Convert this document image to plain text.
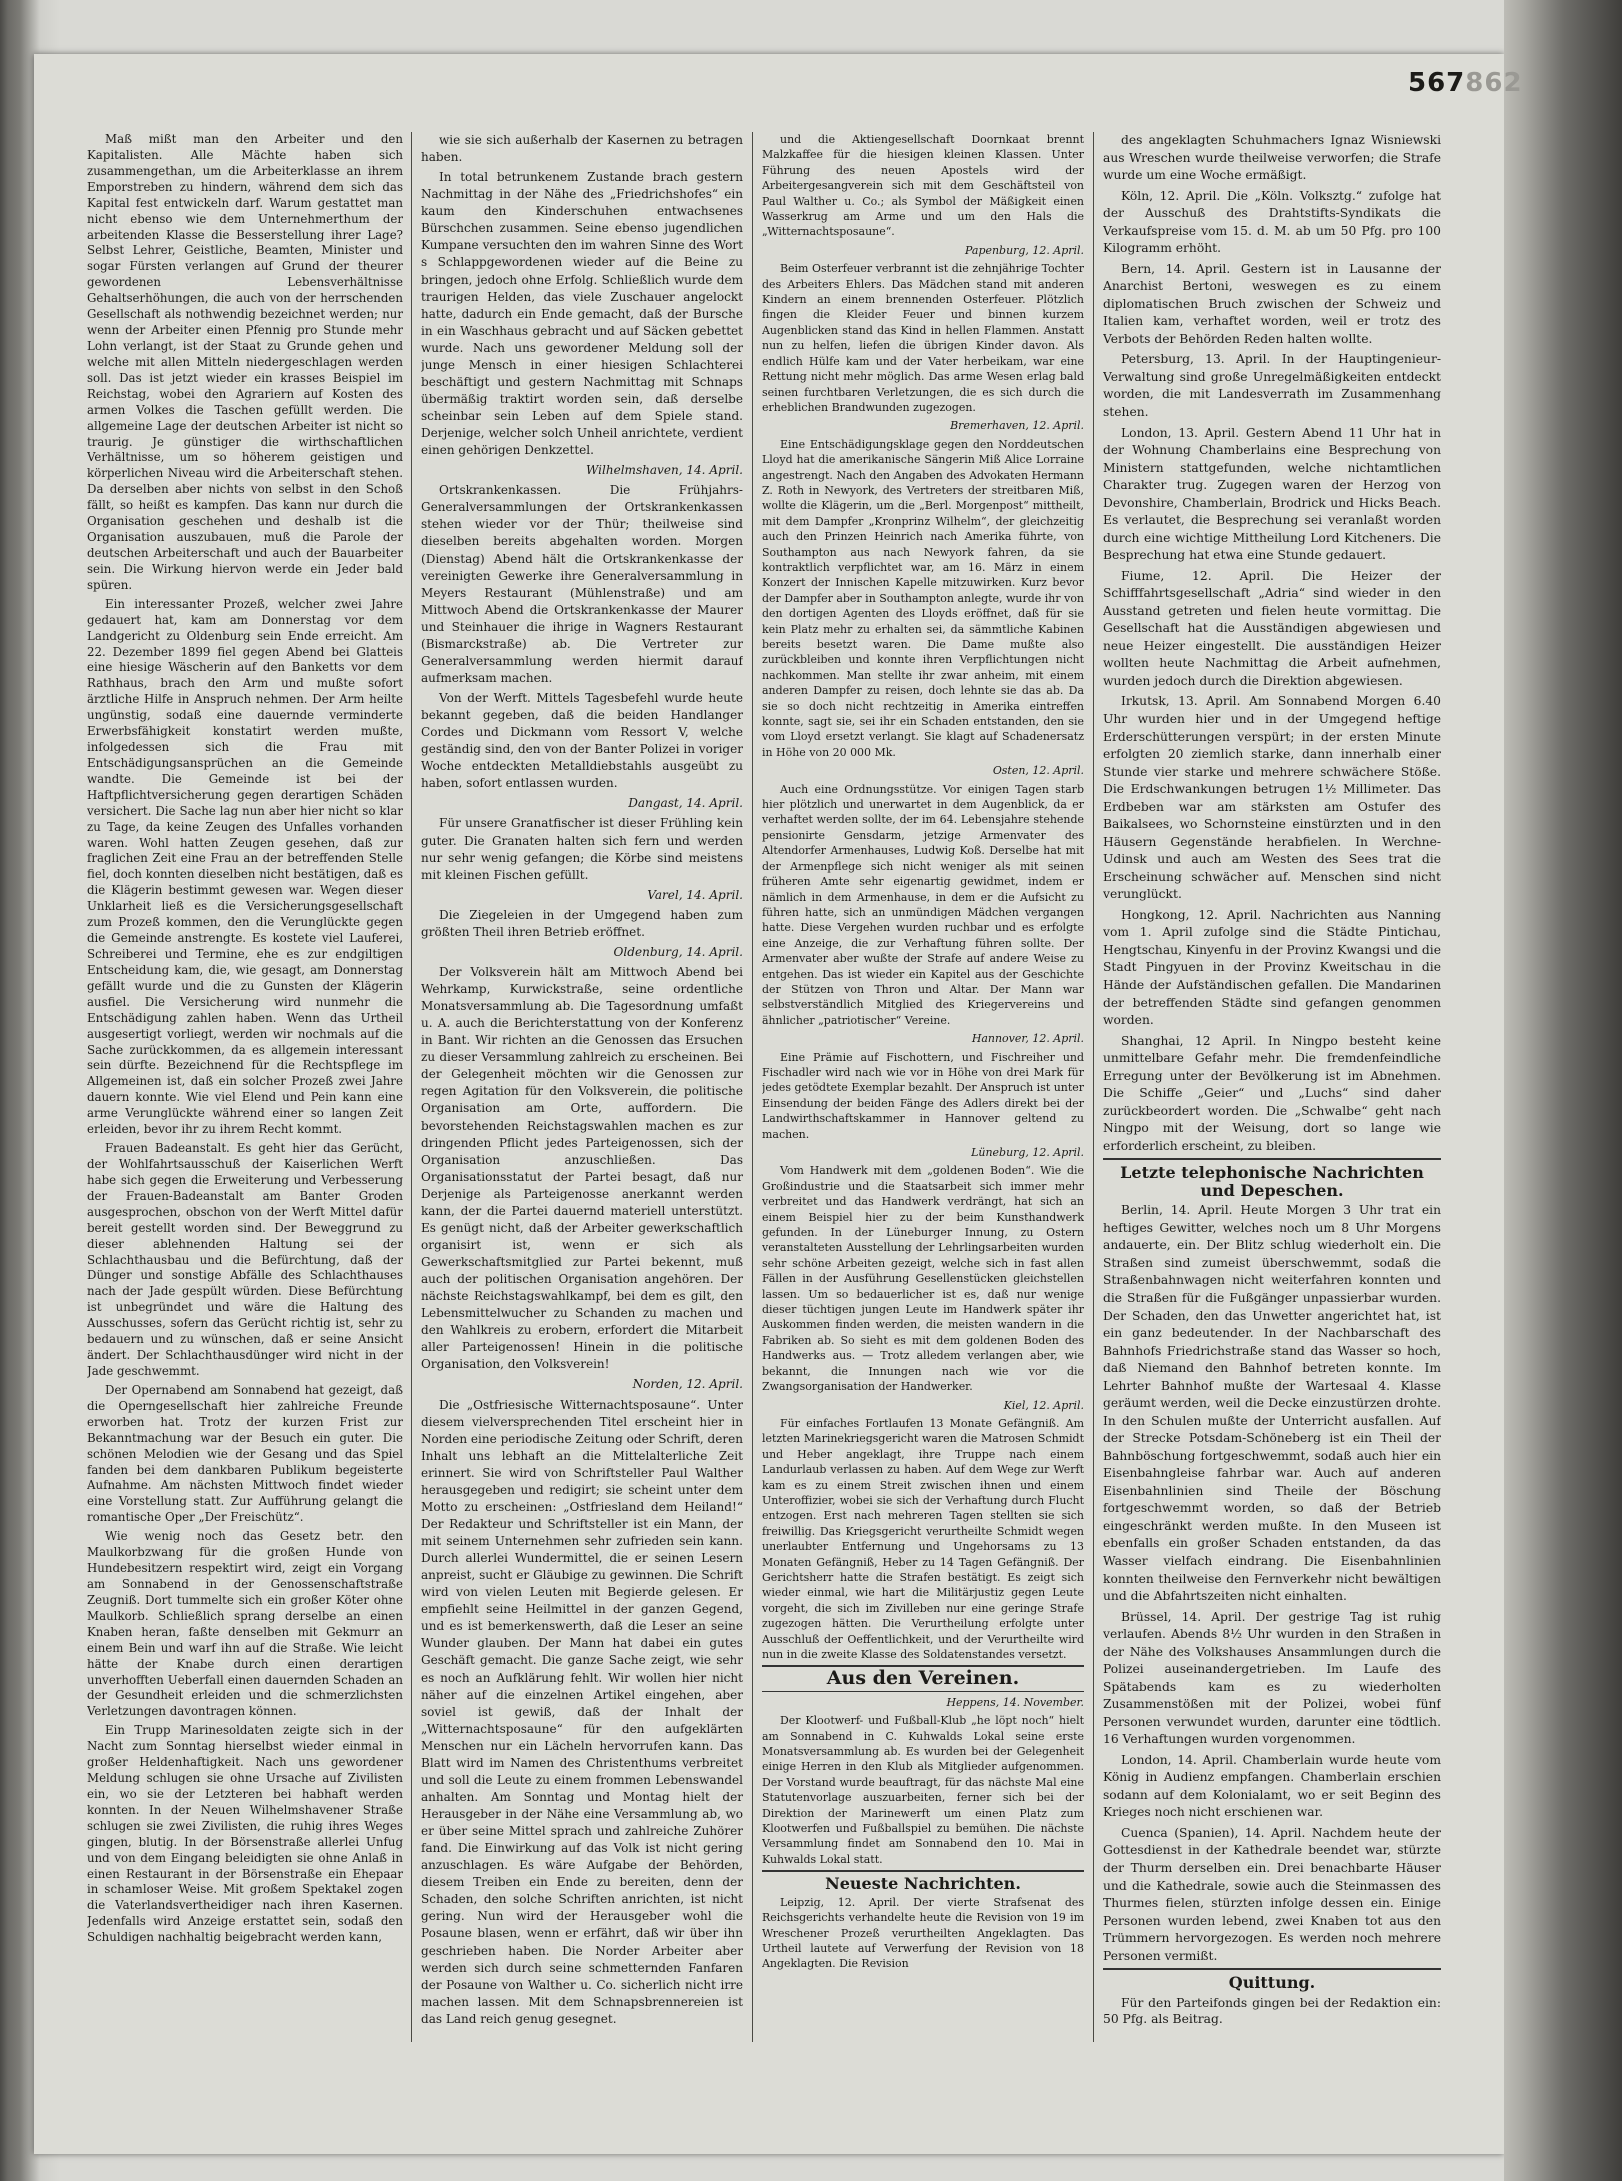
567862

Maß mißt man den Arbeiter und den Kapitalisten. Alle Mächte haben sich zusammengethan, um die Arbeiterklasse an ihrem Emporstreben zu hindern, während dem sich das Kapital fest entwickeln darf. Warum gestattet man nicht ebenso wie dem Unternehmerthum der arbeitenden Klasse die Besserstellung ihrer Lage? Selbst Lehrer, Geistliche, Beamten, Minister und sogar Fürsten verlangen auf Grund der theurer gewordenen Lebensverhältnisse Gehaltserhöhungen, die auch von der herrschenden Gesellschaft als nothwendig bezeichnet werden; nur wenn der Arbeiter einen Pfennig pro Stunde mehr Lohn verlangt, ist der Staat zu Grunde gehen und welche mit allen Mitteln niedergeschlagen werden soll. Das ist jetzt wieder ein krasses Beispiel im Reichstag, wobei den Agrariern auf Kosten des armen Volkes die Taschen gefüllt werden. Die allgemeine Lage der deutschen Arbeiter ist nicht so traurig. Je günstiger die wirthschaftlichen Verhältnisse, um so höherem geistigen und körperlichen Niveau wird die Arbeiterschaft stehen. Da derselben aber nichts von selbst in den Schoß fällt, so heißt es kampfen. Das kann nur durch die Organisation geschehen und deshalb ist die Organisation auszubauen, muß die Parole der deutschen Arbeiterschaft und auch der Bauarbeiter sein. Die Wirkung hiervon werde ein Jeder bald spüren.

Ein interessanter Prozeß, welcher zwei Jahre gedauert hat, kam am Donnerstag vor dem Landgericht zu Oldenburg sein Ende erreicht. Am 22. Dezember 1899 fiel gegen Abend bei Glatteis eine hiesige Wäscherin auf den Banketts vor dem Rathhaus, brach den Arm und mußte sofort ärztliche Hilfe in Anspruch nehmen. Der Arm heilte ungünstig, sodaß eine dauernde verminderte Erwerbsfähigkeit konstatirt werden mußte, infolgedessen sich die Frau mit Entschädigungsansprüchen an die Gemeinde wandte. Die Gemeinde ist bei der Haftpflichtversicherung gegen derartigen Schäden versichert. Die Sache lag nun aber hier nicht so klar zu Tage, da keine Zeugen des Unfalles vorhanden waren. Wohl hatten Zeugen gesehen, daß zur fraglichen Zeit eine Frau an der betreffenden Stelle fiel, doch konnten dieselben nicht bestätigen, daß es die Klägerin bestimmt gewesen war. Wegen dieser Unklarheit ließ es die Versicherungsgesellschaft zum Prozeß kommen, den die Verunglückte gegen die Gemeinde anstrengte. Es kostete viel Lauferei, Schreiberei und Termine, ehe es zur endgiltigen Entscheidung kam, die, wie gesagt, am Donnerstag gefällt wurde und die zu Gunsten der Klägerin ausfiel. Die Versicherung wird nunmehr die Entschädigung zahlen haben. Wenn das Urtheil ausgesertigt vorliegt, werden wir nochmals auf die Sache zurückkommen, da es allgemein interessant sein dürfte. Bezeichnend für die Rechtspflege im Allgemeinen ist, daß ein solcher Prozeß zwei Jahre dauern konnte. Wie viel Elend und Pein kann eine arme Verunglückte während einer so langen Zeit erleiden, bevor ihr zu ihrem Recht kommt.

Frauen Badeanstalt. Es geht hier das Gerücht, der Wohlfahrtsausschuß der Kaiserlichen Werft habe sich gegen die Erweiterung und Verbesserung der Frauen-Badeanstalt am Banter Groden ausgesprochen, obschon von der Werft Mittel dafür bereit gestellt worden sind. Der Beweggrund zu dieser ablehnenden Haltung sei der Schlachthausbau und die Befürchtung, daß der Dünger und sonstige Abfälle des Schlachthauses nach der Jade gespült würden. Diese Befürchtung ist unbegründet und wäre die Haltung des Ausschusses, sofern das Gerücht richtig ist, sehr zu bedauern und zu wünschen, daß er seine Ansicht ändert. Der Schlachthausdünger wird nicht in der Jade geschwemmt.

Der Opernabend am Sonnabend hat gezeigt, daß die Operngesellschaft hier zahlreiche Freunde erworben hat. Trotz der kurzen Frist zur Bekanntmachung war der Besuch ein guter. Die schönen Melodien wie der Gesang und das Spiel fanden bei dem dankbaren Publikum begeisterte Aufnahme. Am nächsten Mittwoch findet wieder eine Vorstellung statt. Zur Aufführung gelangt die romantische Oper „Der Freischütz“.

Wie wenig noch das Gesetz betr. den Maulkorbzwang für die großen Hunde von Hundebesitzern respektirt wird, zeigt ein Vorgang am Sonnabend in der Genossenschaftstraße Zeugniß. Dort tummelte sich ein großer Köter ohne Maulkorb. Schließlich sprang derselbe an einen Knaben heran, faßte denselben mit Gekmurr an einem Bein und warf ihn auf die Straße. Wie leicht hätte der Knabe durch einen derartigen unverhofften Ueberfall einen dauernden Schaden an der Gesundheit erleiden und die schmerzlichsten Verletzungen davontragen können.

Ein Trupp Marinesoldaten zeigte sich in der Nacht zum Sonntag hierselbst wieder einmal in großer Heldenhaftigkeit. Nach uns gewordener Meldung schlugen sie ohne Ursache auf Zivilisten ein, wo sie der Letzteren bei habhaft werden konnten. In der Neuen Wilhelmshavener Straße schlugen sie zwei Zivilisten, die ruhig ihres Weges gingen, blutig. In der Börsenstraße allerlei Unfug und von dem Eingang beleidigten sie ohne Anlaß in einen Restaurant in der Börsenstraße ein Ehepaar in schamloser Weise. Mit großem Spektakel zogen die Vaterlandsvertheidiger nach ihren Kasernen. Jedenfalls wird Anzeige erstattet sein, sodaß den Schuldigen nachhaltig beigebracht werden kann,

wie sie sich außerhalb der Kasernen zu betragen haben.

In total betrunkenem Zustande brach gestern Nachmittag in der Nähe des „Friedrichshofes“ ein kaum den Kinderschuhen entwachsenes Bürschchen zusammen. Seine ebenso jugendlichen Kumpane versuchten den im wahren Sinne des Wort s Schlappgewordenen wieder auf die Beine zu bringen, jedoch ohne Erfolg. Schließlich wurde dem traurigen Helden, das viele Zuschauer angelockt hatte, dadurch ein Ende gemacht, daß der Bursche in ein Waschhaus gebracht und auf Säcken gebettet wurde. Nach uns gewordener Meldung soll der junge Mensch in einer hiesigen Schlachterei beschäftigt und gestern Nachmittag mit Schnaps übermäßig traktirt worden sein, daß derselbe scheinbar sein Leben auf dem Spiele stand. Derjenige, welcher solch Unheil anrichtete, verdient einen gehörigen Denkzettel.

Wilhelmshaven, 14. April.

Ortskrankenkassen. Die Frühjahrs-Generalversammlungen der Ortskrankenkassen stehen wieder vor der Thür; theilweise sind dieselben bereits abgehalten worden. Morgen (Dienstag) Abend hält die Ortskrankenkasse der vereinigten Gewerke ihre Generalversammlung in Meyers Restaurant (Mühlenstraße) und am Mittwoch Abend die Ortskrankenkasse der Maurer und Steinhauer die ihrige in Wagners Restaurant (Bismarckstraße) ab. Die Vertreter zur Generalversammlung werden hiermit darauf aufmerksam machen.

Von der Werft. Mittels Tagesbefehl wurde heute bekannt gegeben, daß die beiden Handlanger Cordes und Dickmann vom Ressort V, welche geständig sind, den von der Banter Polizei in voriger Woche entdeckten Metalldiebstahls ausgeübt zu haben, sofort entlassen wurden.

Dangast, 14. April.

Für unsere Granatfischer ist dieser Frühling kein guter. Die Granaten halten sich fern und werden nur sehr wenig gefangen; die Körbe sind meistens mit kleinen Fischen gefüllt.

Varel, 14. April.

Die Ziegeleien in der Umgegend haben zum größten Theil ihren Betrieb eröffnet.

Oldenburg, 14. April.

Der Volksverein hält am Mittwoch Abend bei Wehrkamp, Kurwickstraße, seine ordentliche Monatsversammlung ab. Die Tagesordnung umfaßt u. A. auch die Berichterstattung von der Konferenz in Bant. Wir richten an die Genossen das Ersuchen zu dieser Versammlung zahlreich zu erscheinen. Bei der Gelegenheit möchten wir die Genossen zur regen Agitation für den Volksverein, die politische Organisation am Orte, auffordern. Die bevorstehenden Reichstagswahlen machen es zur dringenden Pflicht jedes Parteigenossen, sich der Organisation anzuschließen. Das Organisationsstatut der Partei besagt, daß nur Derjenige als Parteigenosse anerkannt werden kann, der die Partei dauernd materiell unterstützt. Es genügt nicht, daß der Arbeiter gewerkschaftlich organisirt ist, wenn er sich als Gewerkschaftsmitglied zur Partei bekennt, muß auch der politischen Organisation angehören. Der nächste Reichstagswahlkampf, bei dem es gilt, den Lebensmittelwucher zu Schanden zu machen und den Wahlkreis zu erobern, erfordert die Mitarbeit aller Parteigenossen! Hinein in die politische Organisation, den Volksverein!

Norden, 12. April.

Die „Ostfriesische Witternachtsposaune“. Unter diesem vielversprechenden Titel erscheint hier in Norden eine periodische Zeitung oder Schrift, deren Inhalt uns lebhaft an die Mittelalterliche Zeit erinnert. Sie wird von Schriftsteller Paul Walther herausgegeben und redigirt; sie scheint unter dem Motto zu erscheinen: „Ostfriesland dem Heiland!“ Der Redakteur und Schriftsteller ist ein Mann, der mit seinem Unternehmen sehr zufrieden sein kann. Durch allerlei Wundermittel, die er seinen Lesern anpreist, sucht er Gläubige zu gewinnen. Die Schrift wird von vielen Leuten mit Begierde gelesen. Er empfiehlt seine Heilmittel in der ganzen Gegend, und es ist bemerkenswerth, daß die Leser an seine Wunder glauben. Der Mann hat dabei ein gutes Geschäft gemacht. Die ganze Sache zeigt, wie sehr es noch an Aufklärung fehlt. Wir wollen hier nicht näher auf die einzelnen Artikel eingehen, aber soviel ist gewiß, daß der Inhalt der „Witternachtsposaune“ für den aufgeklärten Menschen nur ein Lächeln hervorrufen kann. Das Blatt wird im Namen des Christenthums verbreitet und soll die Leute zu einem frommen Lebenswandel anhalten. Am Sonntag und Montag hielt der Herausgeber in der Nähe eine Versammlung ab, wo er über seine Mittel sprach und zahlreiche Zuhörer fand. Die Einwirkung auf das Volk ist nicht gering anzuschlagen. Es wäre Aufgabe der Behörden, diesem Treiben ein Ende zu bereiten, denn der Schaden, den solche Schriften anrichten, ist nicht gering. Nun wird der Herausgeber wohl die Posaune blasen, wenn er erfährt, daß wir über ihn geschrieben haben. Die Norder Arbeiter aber werden sich durch seine schmetternden Fanfaren der Posaune von Walther u. Co. sicherlich nicht irre machen lassen. Mit dem Schnapsbrennereien ist das Land reich genug gesegnet.

und die Aktiengesellschaft Doornkaat brennt Malzkaffee für die hiesigen kleinen Klassen. Unter Führung des neuen Apostels wird der Arbeitergesangverein sich mit dem Geschäftsteil von Paul Walther u. Co.; als Symbol der Mäßigkeit einen Wasserkrug am Arme und um den Hals die „Witternachtsposaune“.

Papenburg, 12. April.

Beim Osterfeuer verbrannt ist die zehnjährige Tochter des Arbeiters Ehlers. Das Mädchen stand mit anderen Kindern an einem brennenden Osterfeuer. Plötzlich fingen die Kleider Feuer und binnen kurzem Augenblicken stand das Kind in hellen Flammen. Anstatt nun zu helfen, liefen die übrigen Kinder davon. Als endlich Hülfe kam und der Vater herbeikam, war eine Rettung nicht mehr möglich. Das arme Wesen erlag bald seinen furchtbaren Verletzungen, die es sich durch die erheblichen Brandwunden zugezogen.

Bremerhaven, 12. April.

Eine Entschädigungsklage gegen den Norddeutschen Lloyd hat die amerikanische Sängerin Miß Alice Lorraine angestrengt. Nach den Angaben des Advokaten Hermann Z. Roth in Newyork, des Vertreters der streitbaren Miß, wollte die Klägerin, um die „Berl. Morgenpost“ mittheilt, mit dem Dampfer „Kronprinz Wilhelm“, der gleichzeitig auch den Prinzen Heinrich nach Amerika führte, von Southampton aus nach Newyork fahren, da sie kontraktlich verpflichtet war, am 16. März in einem Konzert der Innischen Kapelle mitzuwirken. Kurz bevor der Dampfer aber in Southampton anlegte, wurde ihr von den dortigen Agenten des Lloyds eröffnet, daß für sie kein Platz mehr zu erhalten sei, da sämmtliche Kabinen bereits besetzt waren. Die Dame mußte also zurückbleiben und konnte ihren Verpflichtungen nicht nachkommen. Man stellte ihr zwar anheim, mit einem anderen Dampfer zu reisen, doch lehnte sie das ab. Da sie so doch nicht rechtzeitig in Amerika eintreffen konnte, sagt sie, sei ihr ein Schaden entstanden, den sie vom Lloyd ersetzt verlangt. Sie klagt auf Schadenersatz in Höhe von 20 000 Mk.

Osten, 12. April.

Auch eine Ordnungsstütze. Vor einigen Tagen starb hier plötzlich und unerwartet in dem Augenblick, da er verhaftet werden sollte, der im 64. Lebensjahre stehende pensionirte Gensdarm, jetzige Armenvater des Altendorfer Armenhauses, Ludwig Koß. Derselbe hat mit der Armenpflege sich nicht weniger als mit seinen früheren Amte sehr eigenartig gewidmet, indem er nämlich in dem Armenhause, in dem er die Aufsicht zu führen hatte, sich an unmündigen Mädchen vergangen hatte. Diese Vergehen wurden ruchbar und es erfolgte eine Anzeige, die zur Verhaftung führen sollte. Der Armenvater aber wußte der Strafe auf andere Weise zu entgehen. Das ist wieder ein Kapitel aus der Geschichte der Stützen von Thron und Altar. Der Mann war selbstverständlich Mitglied des Kriegervereins und ähnlicher „patriotischer“ Vereine.

Hannover, 12. April.

Eine Prämie auf Fischottern, und Fischreiher und Fischadler wird nach wie vor in Höhe von drei Mark für jedes getödtete Exemplar bezahlt. Der Anspruch ist unter Einsendung der beiden Fänge des Adlers direkt bei der Landwirthschaftskammer in Hannover geltend zu machen.

Lüneburg, 12. April.

Vom Handwerk mit dem „goldenen Boden“. Wie die Großindustrie und die Staatsarbeit sich immer mehr verbreitet und das Handwerk verdrängt, hat sich an einem Beispiel hier zu der beim Kunsthandwerk gefunden. In der Lüneburger Innung, zu Ostern veranstalteten Ausstellung der Lehrlingsarbeiten wurden sehr schöne Arbeiten gezeigt, welche sich in fast allen Fällen in der Ausführung Gesellenstücken gleichstellen lassen. Um so bedauerlicher ist es, daß nur wenige dieser tüchtigen jungen Leute im Handwerk später ihr Auskommen finden werden, die meisten wandern in die Fabriken ab. So sieht es mit dem goldenen Boden des Handwerks aus. — Trotz alledem verlangen aber, wie bekannt, die Innungen nach wie vor die Zwangsorganisation der Handwerker.

Kiel, 12. April.

Für einfaches Fortlaufen 13 Monate Gefängniß. Am letzten Marinekriegsgericht waren die Matrosen Schmidt und Heber angeklagt, ihre Truppe nach einem Landurlaub verlassen zu haben. Auf dem Wege zur Werft kam es zu einem Streit zwischen ihnen und einem Unteroffizier, wobei sie sich der Verhaftung durch Flucht entzogen. Erst nach mehreren Tagen stellten sie sich freiwillig. Das Kriegsgericht verurtheilte Schmidt wegen unerlaubter Entfernung und Ungehorsams zu 13 Monaten Gefängniß, Heber zu 14 Tagen Gefängniß. Der Gerichtsherr hatte die Strafen bestätigt. Es zeigt sich wieder einmal, wie hart die Militärjustiz gegen Leute vorgeht, die sich im Zivilleben nur eine geringe Strafe zugezogen hätten. Die Verurtheilung erfolgte unter Ausschluß der Oeffentlichkeit, und der Verurtheilte wird nun in die zweite Klasse des Soldatenstandes versetzt.

Aus den Vereinen.

Heppens, 14. November.

Der Klootwerf- und Fußball-Klub „he löpt noch“ hielt am Sonnabend in C. Kuhwalds Lokal seine erste Monatsversammlung ab. Es wurden bei der Gelegenheit einige Herren in den Klub als Mitglieder aufgenommen. Der Vorstand wurde beauftragt, für das nächste Mal eine Statutenvorlage auszuarbeiten, ferner sich bei der Direktion der Marinewerft um einen Platz zum Klootwerfen und Fußballspiel zu bemühen. Die nächste Versammlung findet am Sonnabend den 10. Mai in Kuhwalds Lokal statt.

Neueste Nachrichten.

Leipzig, 12. April. Der vierte Strafsenat des Reichsgerichts verhandelte heute die Revision von 19 im Wreschener Prozeß verurtheilten Angeklagten. Das Urtheil lautete auf Verwerfung der Revision von 18 Angeklagten. Die Revision

des angeklagten Schuhmachers Ignaz Wisniewski aus Wreschen wurde theilweise verworfen; die Strafe wurde um eine Woche ermäßigt.

Köln, 12. April. Die „Köln. Volksztg.“ zufolge hat der Ausschuß des Drahtstifts-Syndikats die Verkaufspreise vom 15. d. M. ab um 50 Pfg. pro 100 Kilogramm erhöht.

Bern, 14. April. Gestern ist in Lausanne der Anarchist Bertoni, weswegen es zu einem diplomatischen Bruch zwischen der Schweiz und Italien kam, verhaftet worden, weil er trotz des Verbots der Behörden Reden halten wollte.

Petersburg, 13. April. In der Hauptingenieur-Verwaltung sind große Unregelmäßigkeiten entdeckt worden, die mit Landesverrath im Zusammenhang stehen.

London, 13. April. Gestern Abend 11 Uhr hat in der Wohnung Chamberlains eine Besprechung von Ministern stattgefunden, welche nichtamtlichen Charakter trug. Zugegen waren der Herzog von Devonshire, Chamberlain, Brodrick und Hicks Beach. Es verlautet, die Besprechung sei veranlaßt worden durch eine wichtige Mittheilung Lord Kitcheners. Die Besprechung hat etwa eine Stunde gedauert.

Fiume, 12. April. Die Heizer der Schifffahrtsgesellschaft „Adria“ sind wieder in den Ausstand getreten und fielen heute vormittag. Die Gesellschaft hat die Ausständigen abgewiesen und neue Heizer eingestellt. Die ausständigen Heizer wollten heute Nachmittag die Arbeit aufnehmen, wurden jedoch durch die Direktion abgewiesen.

Irkutsk, 13. April. Am Sonnabend Morgen 6.40 Uhr wurden hier und in der Umgegend heftige Erderschütterungen verspürt; in der ersten Minute erfolgten 20 ziemlich starke, dann innerhalb einer Stunde vier starke und mehrere schwächere Stöße. Die Erdschwankungen betrugen 1½ Millimeter. Das Erdbeben war am stärksten am Ostufer des Baikalsees, wo Schornsteine einstürzten und in den Häusern Gegenstände herabfielen. In Werchne-Udinsk und auch am Westen des Sees trat die Erscheinung schwächer auf. Menschen sind nicht verunglückt.

Hongkong, 12. April. Nachrichten aus Nanning vom 1. April zufolge sind die Städte Pintichau, Hengtschau, Kinyenfu in der Provinz Kwangsi und die Stadt Pingyuen in der Provinz Kweitschau in die Hände der Aufständischen gefallen. Die Mandarinen der betreffenden Städte sind gefangen genommen worden.

Shanghai, 12 April. In Ningpo besteht keine unmittelbare Gefahr mehr. Die fremdenfeindliche Erregung unter der Bevölkerung ist im Abnehmen. Die Schiffe „Geier“ und „Luchs“ sind daher zurückbeordert worden. Die „Schwalbe“ geht nach Ningpo mit der Weisung, dort so lange wie erforderlich erscheint, zu bleiben.

Letzte telephonische Nachrichten und Depeschen.

Berlin, 14. April. Heute Morgen 3 Uhr trat ein heftiges Gewitter, welches noch um 8 Uhr Morgens andauerte, ein. Der Blitz schlug wiederholt ein. Die Straßen sind zumeist überschwemmt, sodaß die Straßenbahnwagen nicht weiterfahren konnten und die Straßen für die Fußgänger unpassierbar wurden. Der Schaden, den das Unwetter angerichtet hat, ist ein ganz bedeutender. In der Nachbarschaft des Bahnhofs Friedrichstraße stand das Wasser so hoch, daß Niemand den Bahnhof betreten konnte. Im Lehrter Bahnhof mußte der Wartesaal 4. Klasse geräumt werden, weil die Decke einzustürzen drohte. In den Schulen mußte der Unterricht ausfallen. Auf der Strecke Potsdam-Schöneberg ist ein Theil der Bahnböschung fortgeschwemmt, sodaß auch hier ein Eisenbahngleise fahrbar war. Auch auf anderen Eisenbahnlinien sind Theile der Böschung fortgeschwemmt worden, so daß der Betrieb eingeschränkt werden mußte. In den Museen ist ebenfalls ein großer Schaden entstanden, da das Wasser vielfach eindrang. Die Eisenbahnlinien konnten theilweise den Fernverkehr nicht bewältigen und die Abfahrtszeiten nicht einhalten.

Brüssel, 14. April. Der gestrige Tag ist ruhig verlaufen. Abends 8½ Uhr wurden in den Straßen in der Nähe des Volkshauses Ansammlungen durch die Polizei auseinandergetrieben. Im Laufe des Spätabends kam es zu wiederholten Zusammenstößen mit der Polizei, wobei fünf Personen verwundet wurden, darunter eine tödtlich. 16 Verhaftungen wurden vorgenommen.

London, 14. April. Chamberlain wurde heute vom König in Audienz empfangen. Chamberlain erschien sodann auf dem Kolonialamt, wo er seit Beginn des Krieges noch nicht erschienen war.

Cuenca (Spanien), 14. April. Nachdem heute der Gottesdienst in der Kathedrale beendet war, stürzte der Thurm derselben ein. Drei benachbarte Häuser und die Kathedrale, sowie auch die Steinmassen des Thurmes fielen, stürzten infolge dessen ein. Einige Personen wurden lebend, zwei Knaben tot aus den Trümmern hervorgezogen. Es werden noch mehrere Personen vermißt.

Quittung.

Für den Parteifonds gingen bei der Redaktion ein: 50 Pfg. als Beitrag.
